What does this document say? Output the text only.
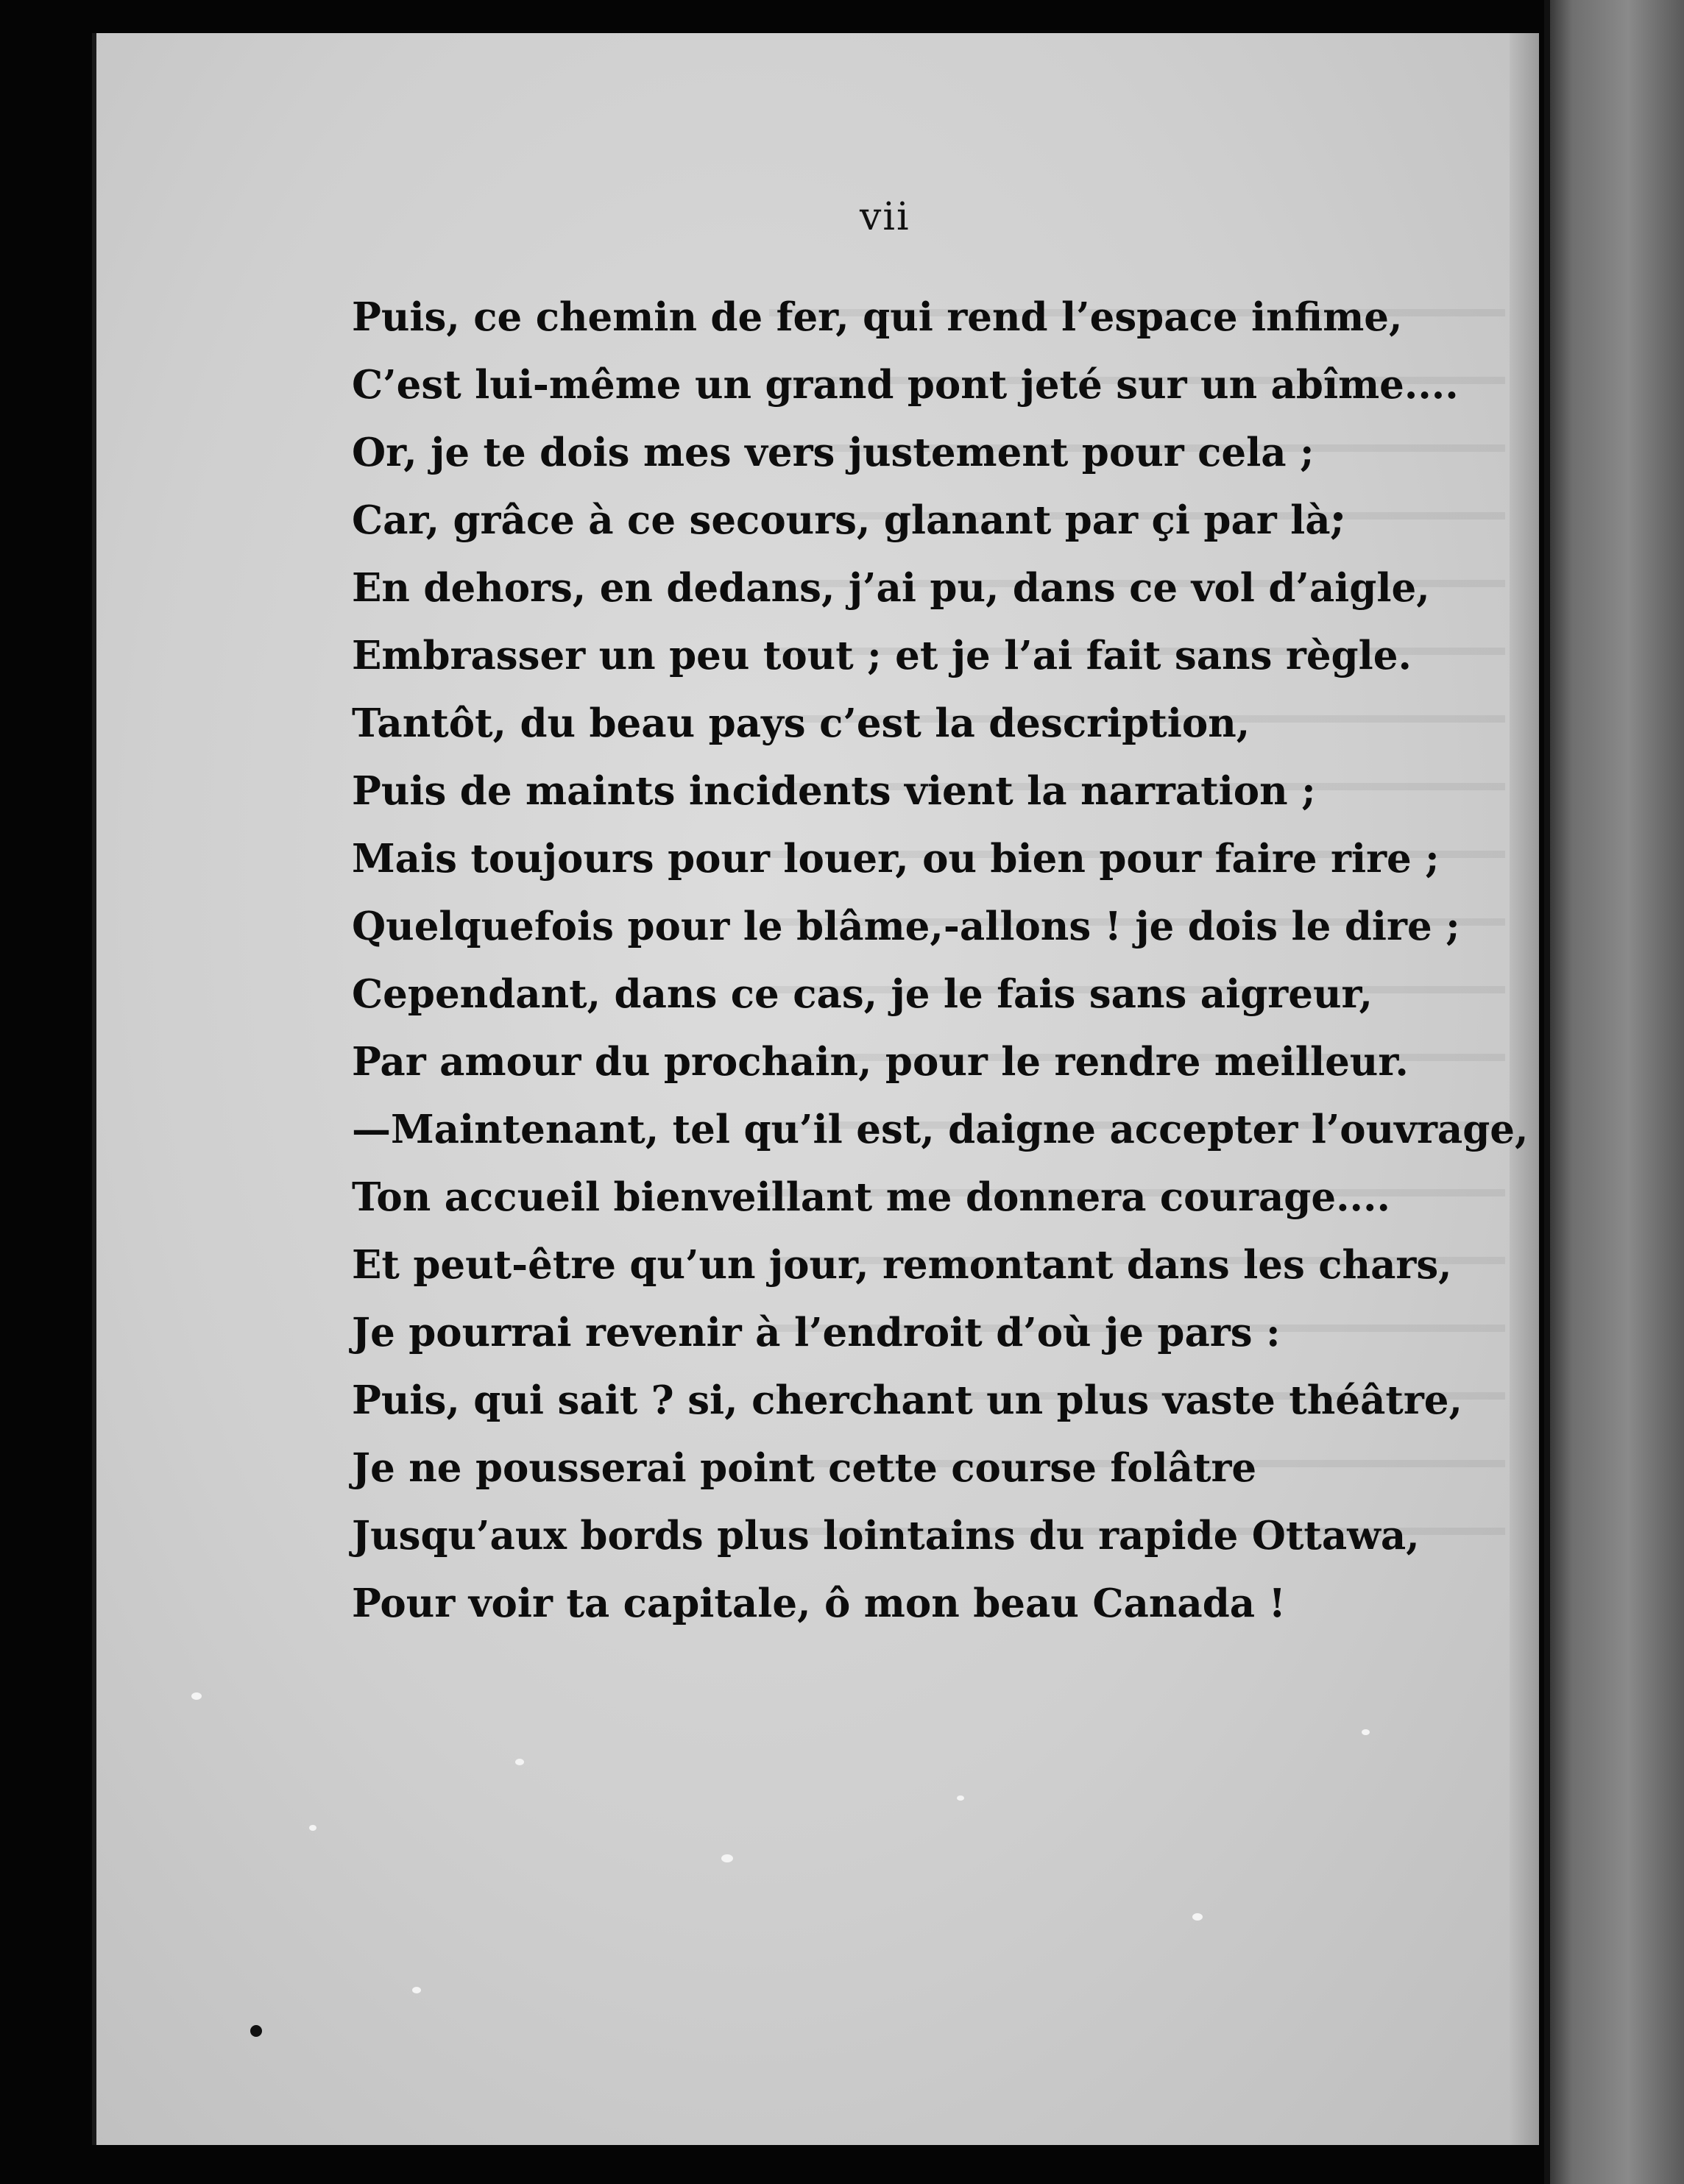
vii

Puis, ce chemin de fer, qui rend l’espace infime,
C’est lui-même un grand pont jeté sur un abîme....
Or, je te dois mes vers justement pour cela ;
Car, grâce à ce secours, glanant par çi par là,
En dehors, en dedans, j’ai pu, dans ce vol d’aigle,
Embrasser un peu tout ; et je l’ai fait sans règle.
Tantôt, du beau pays c’est la description,
Puis de maints incidents vient la narration ;
Mais toujours pour louer, ou bien pour faire rire ;
Quelquefois pour le blâme,-allons ! je dois le dire ;
Cependant, dans ce cas, je le fais sans aigreur,
Par amour du prochain, pour le rendre meilleur.
—Maintenant, tel qu’il est, daigne accepter l’ouvrage,
Ton accueil bienveillant me donnera courage....
Et peut-être qu’un jour, remontant dans les chars,
Je pourrai revenir à l’endroit d’où je pars :
Puis, qui sait ? si, cherchant un plus vaste théâtre,
Je ne pousserai point cette course folâtre
Jusqu’aux bords plus lointains du rapide Ottawa,
Pour voir ta capitale, ô mon beau Canada !
